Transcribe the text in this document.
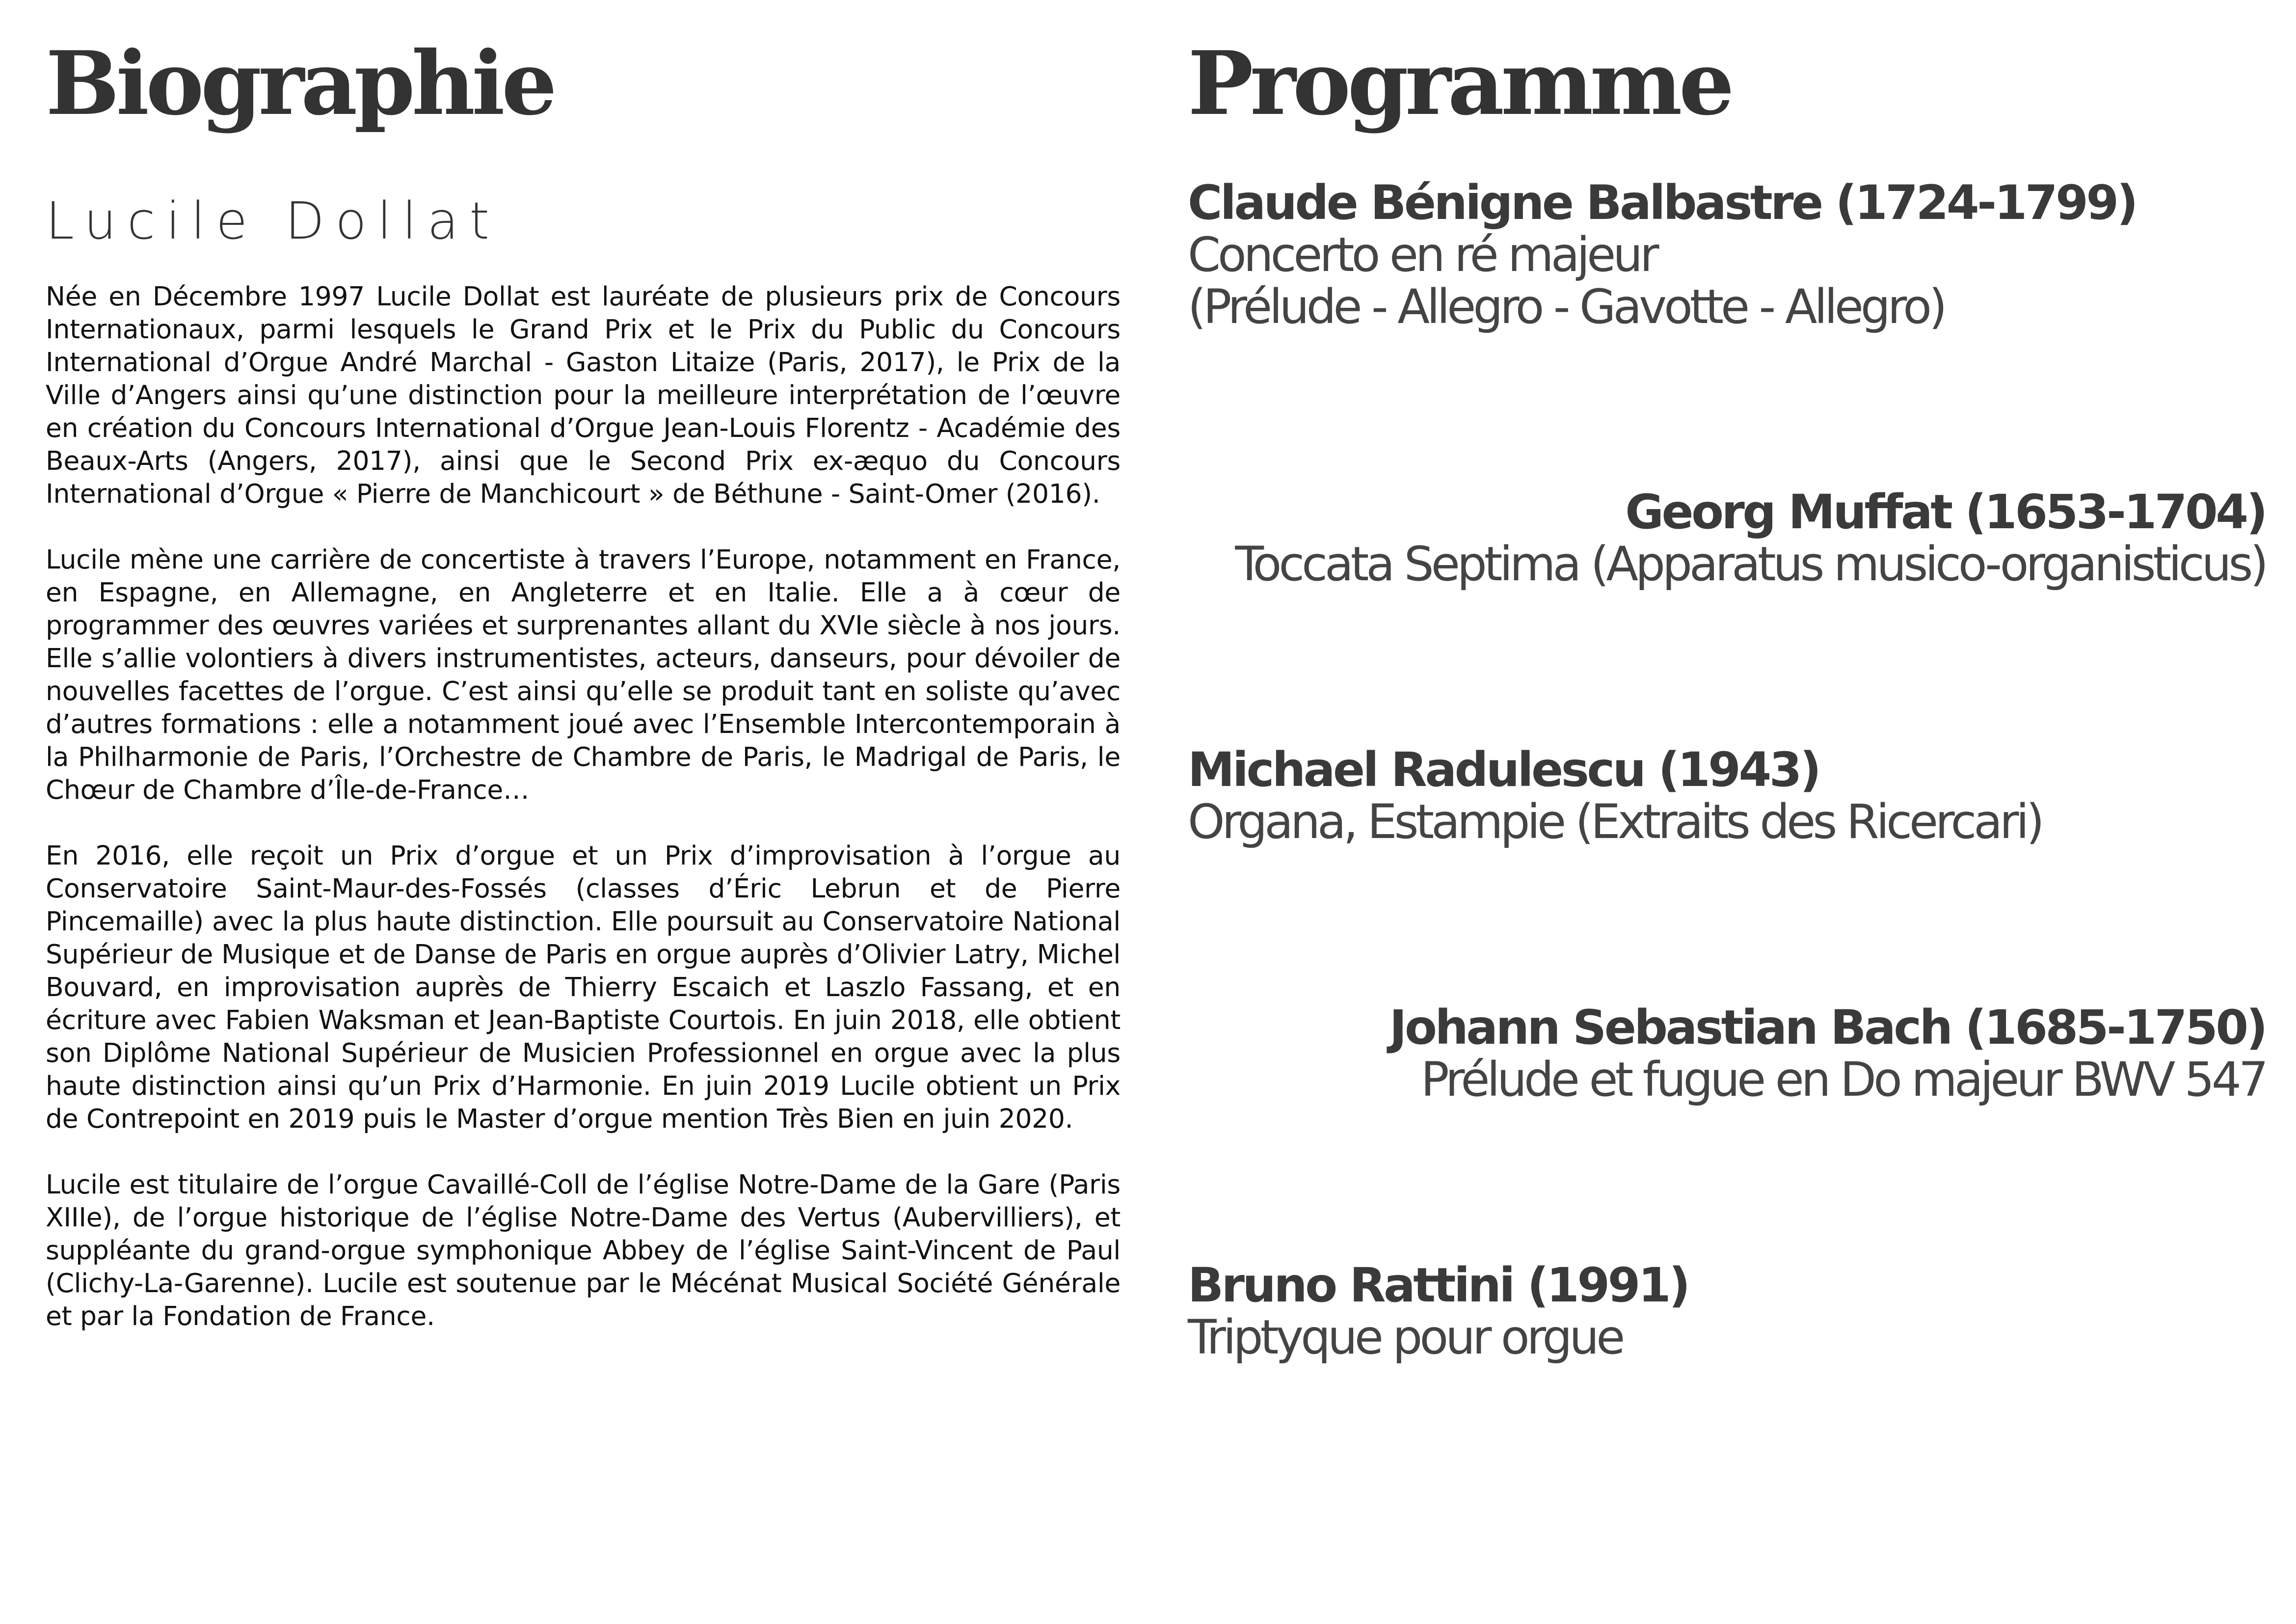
Biographie
Lucile Dollat

Née en Décembre 1997 Lucile Dollat est lauréate de plusieurs prix de Concours Internationaux, parmi lesquels le Grand Prix et le Prix du Public du Concours International d’Orgue André Marchal - Gaston Litaize (Paris, 2017), le Prix de la Ville d’Angers ainsi qu’une distinction pour la meilleure interprétation de l’œuvre en création du Concours International d’Orgue Jean-Louis Florentz - Académie des Beaux-Arts (Angers, 2017), ainsi que le Second Prix ex-æquo du Concours International d’Orgue « Pierre de Manchicourt » de Béthune - Saint-Omer (2016).

Lucile mène une carrière de concertiste à travers l’Europe, notamment en France, en Espagne, en Allemagne, en Angleterre et en Italie. Elle a à cœur de programmer des œuvres variées et surprenantes allant du XVIe siècle à nos jours. Elle s’allie volontiers à divers instrumentistes, acteurs, danseurs, pour dévoiler de nouvelles facettes de l’orgue. C’est ainsi qu’elle se produit tant en soliste qu’avec d’autres formations : elle a notamment joué avec l’Ensemble Intercontemporain à la Philharmonie de Paris, l’Orchestre de Chambre de Paris, le Madrigal de Paris, le Chœur de Chambre d’Île-de-France…

En 2016, elle reçoit un Prix d’orgue et un Prix d’improvisation à l’orgue au Conservatoire Saint-Maur-des-Fossés (classes d’Éric Lebrun et de Pierre Pincemaille) avec la plus haute distinction. Elle poursuit au Conservatoire National Supérieur de Musique et de Danse de Paris en orgue auprès d’Olivier Latry, Michel Bouvard, en improvisation auprès de Thierry Escaich et Laszlo Fassang, et en écriture avec Fabien Waksman et Jean-Baptiste Courtois. En juin 2018, elle obtient son Diplôme National Supérieur de Musicien Professionnel en orgue avec la plus haute distinction ainsi qu’un Prix d’Harmonie. En juin 2019 Lucile obtient un Prix de Contrepoint en 2019 puis le Master d’orgue mention Très Bien en juin 2020.

Lucile est titulaire de l’orgue Cavaillé-Coll de l’église Notre-Dame de la Gare (Paris XIIIe), de l’orgue historique de l’église Notre-Dame des Vertus (Aubervilliers), et suppléante du grand-orgue symphonique Abbey de l’église Saint-Vincent de Paul (Clichy-La-Garenne). Lucile est soutenue par le Mécénat Musical Société Générale et par la Fondation de France.

Programme
Claude Bénigne Balbastre (1724-1799)
Concerto en ré majeur
(Prélude - Allegro - Gavotte - Allegro)
Georg Muffat (1653-1704)
Toccata Septima (Apparatus musico-organisticus)
Michael Radulescu (1943)
Organa, Estampie (Extraits des Ricercari)
Johann Sebastian Bach (1685-1750)
Prélude et fugue en Do majeur BWV 547
Bruno Rattini (1991)
Triptyque pour orgue
